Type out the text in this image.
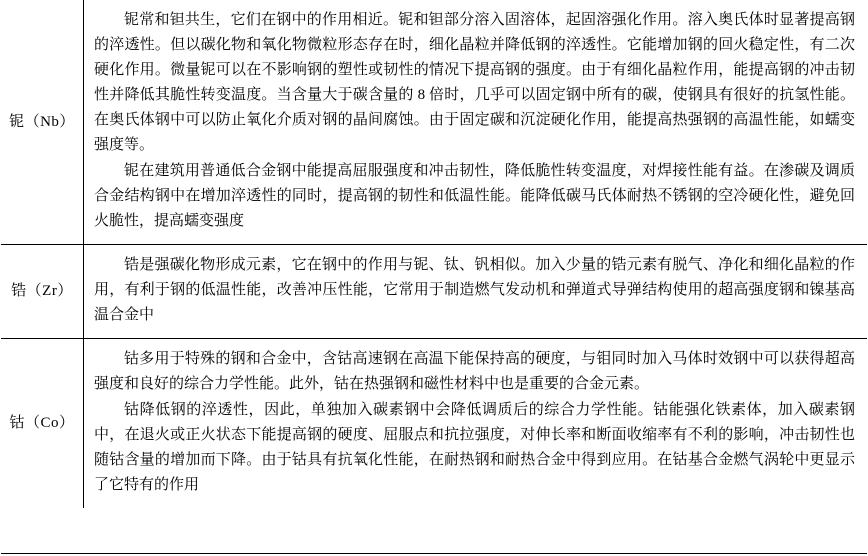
铌（Nb）	铌常和钽共生，它们在钢中的作用相近。铌和钽部分溶入固溶体，起固溶强化作用。溶入奥氏体时显著提高钢的淬透性。但以碳化物和氧化物微粒形态存在时，细化晶粒并降低钢的淬透性。它能增加钢的回火稳定性，有二次硬化作用。微量铌可以在不影响钢的塑性或韧性的情况下提高钢的强度。由于有细化晶粒作用，能提高钢的冲击韧性并降低其脆性转变温度。当含量大于碳含量的 8 倍时，几乎可以固定钢中所有的碳，使钢具有很好的抗氢性能。在奥氏体钢中可以防止氧化介质对钢的晶间腐蚀。由于固定碳和沉淀硬化作用，能提高热强钢的高温性能，如蠕变强度等。

铌在建筑用普通低合金钢中能提高屈服强度和冲击韧性，降低脆性转变温度，对焊接性能有益。在渗碳及调质合金结构钢中在增加淬透性的同时，提高钢的韧性和低温性能。能降低碳马氏体耐热不锈钢的空冷硬化性，避免回火脆性，提高蠕变强度

锆（Zr）	锆是强碳化物形成元素，它在钢中的作用与铌、钛、钒相似。加入少量的锆元素有脱气、净化和细化晶粒的作用，有利于钢的低温性能，改善冲压性能，它常用于制造燃气发动机和弹道式导弹结构使用的超高强度钢和镍基高温合金中

钴（Co）	钴多用于特殊的钢和合金中，含钴高速钢在高温下能保持高的硬度，与钼同时加入马体时效钢中可以获得超高强度和良好的综合力学性能。此外，钴在热强钢和磁性材料中也是重要的合金元素。

钴降低钢的淬透性，因此，单独加入碳素钢中会降低调质后的综合力学性能。钴能强化铁素体，加入碳素钢中，在退火或正火状态下能提高钢的硬度、屈服点和抗拉强度，对伸长率和断面收缩率有不利的影响，冲击韧性也随钴含量的增加而下降。由于钴具有抗氧化性能，在耐热钢和耐热合金中得到应用。在钴基合金燃气涡轮中更显示了它特有的作用
